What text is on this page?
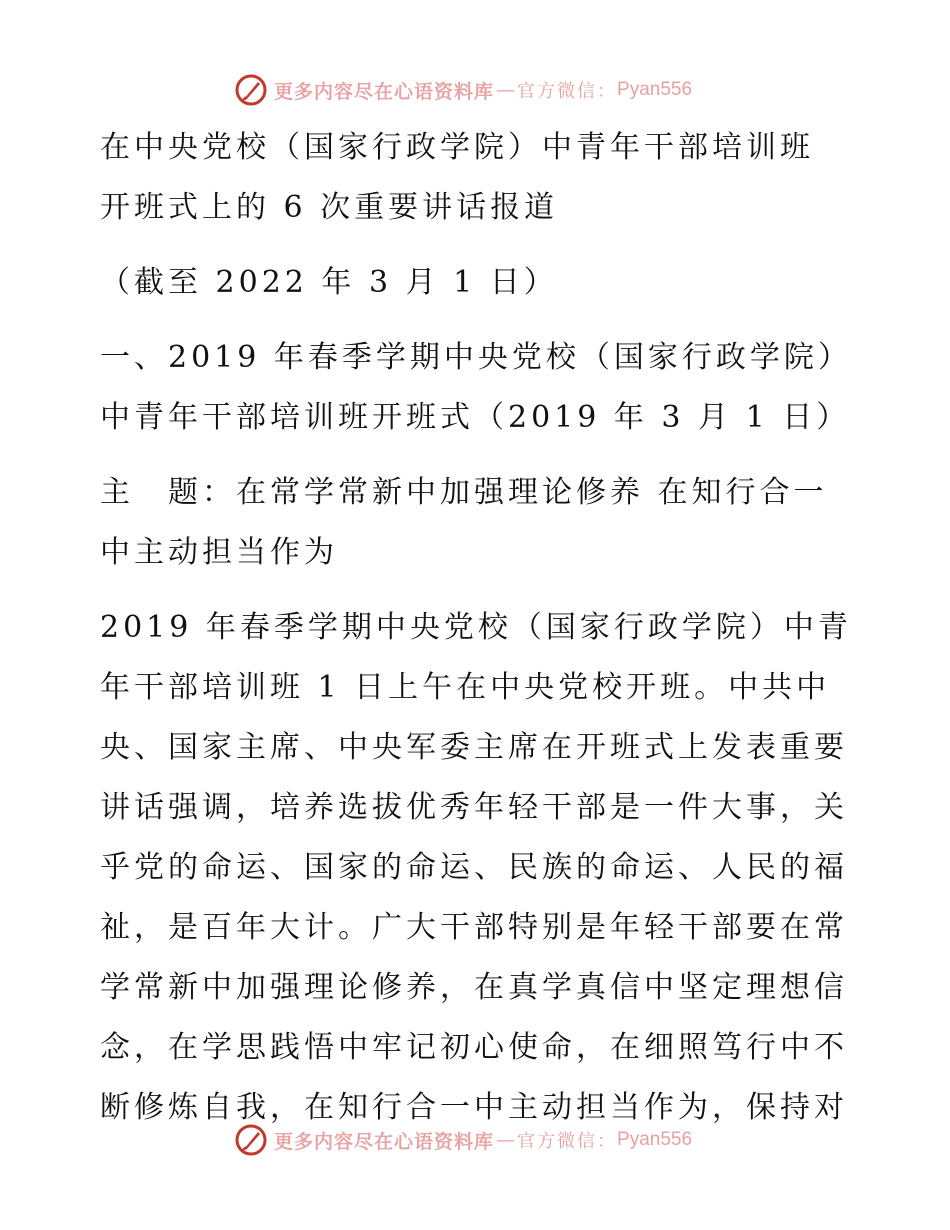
更多内容尽在心语资料库 — 官方微信： Pyan556
在中央党校（国家行政学院）中青年干部培训班
开班式上的 6 次重要讲话报道
（截至 2022 年 3 月 1 日）
一、2019 年春季学期中央党校（国家行政学院）
中青年干部培训班开班式（2019 年 3 月 1 日）
主　题：在常学常新中加强理论修养 在知行合一
中主动担当作为
2019 年春季学期中央党校（国家行政学院）中青
年干部培训班 1 日上午在中央党校开班。中共中
央、国家主席、中央军委主席在开班式上发表重要
讲话强调，培养选拔优秀年轻干部是一件大事，关
乎党的命运、国家的命运、民族的命运、人民的福
祉，是百年大计。广大干部特别是年轻干部要在常
学常新中加强理论修养，在真学真信中坚定理想信
念，在学思践悟中牢记初心使命，在细照笃行中不
断修炼自我，在知行合一中主动担当作为，保持对
更多内容尽在心语资料库 — 官方微信： Pyan556
